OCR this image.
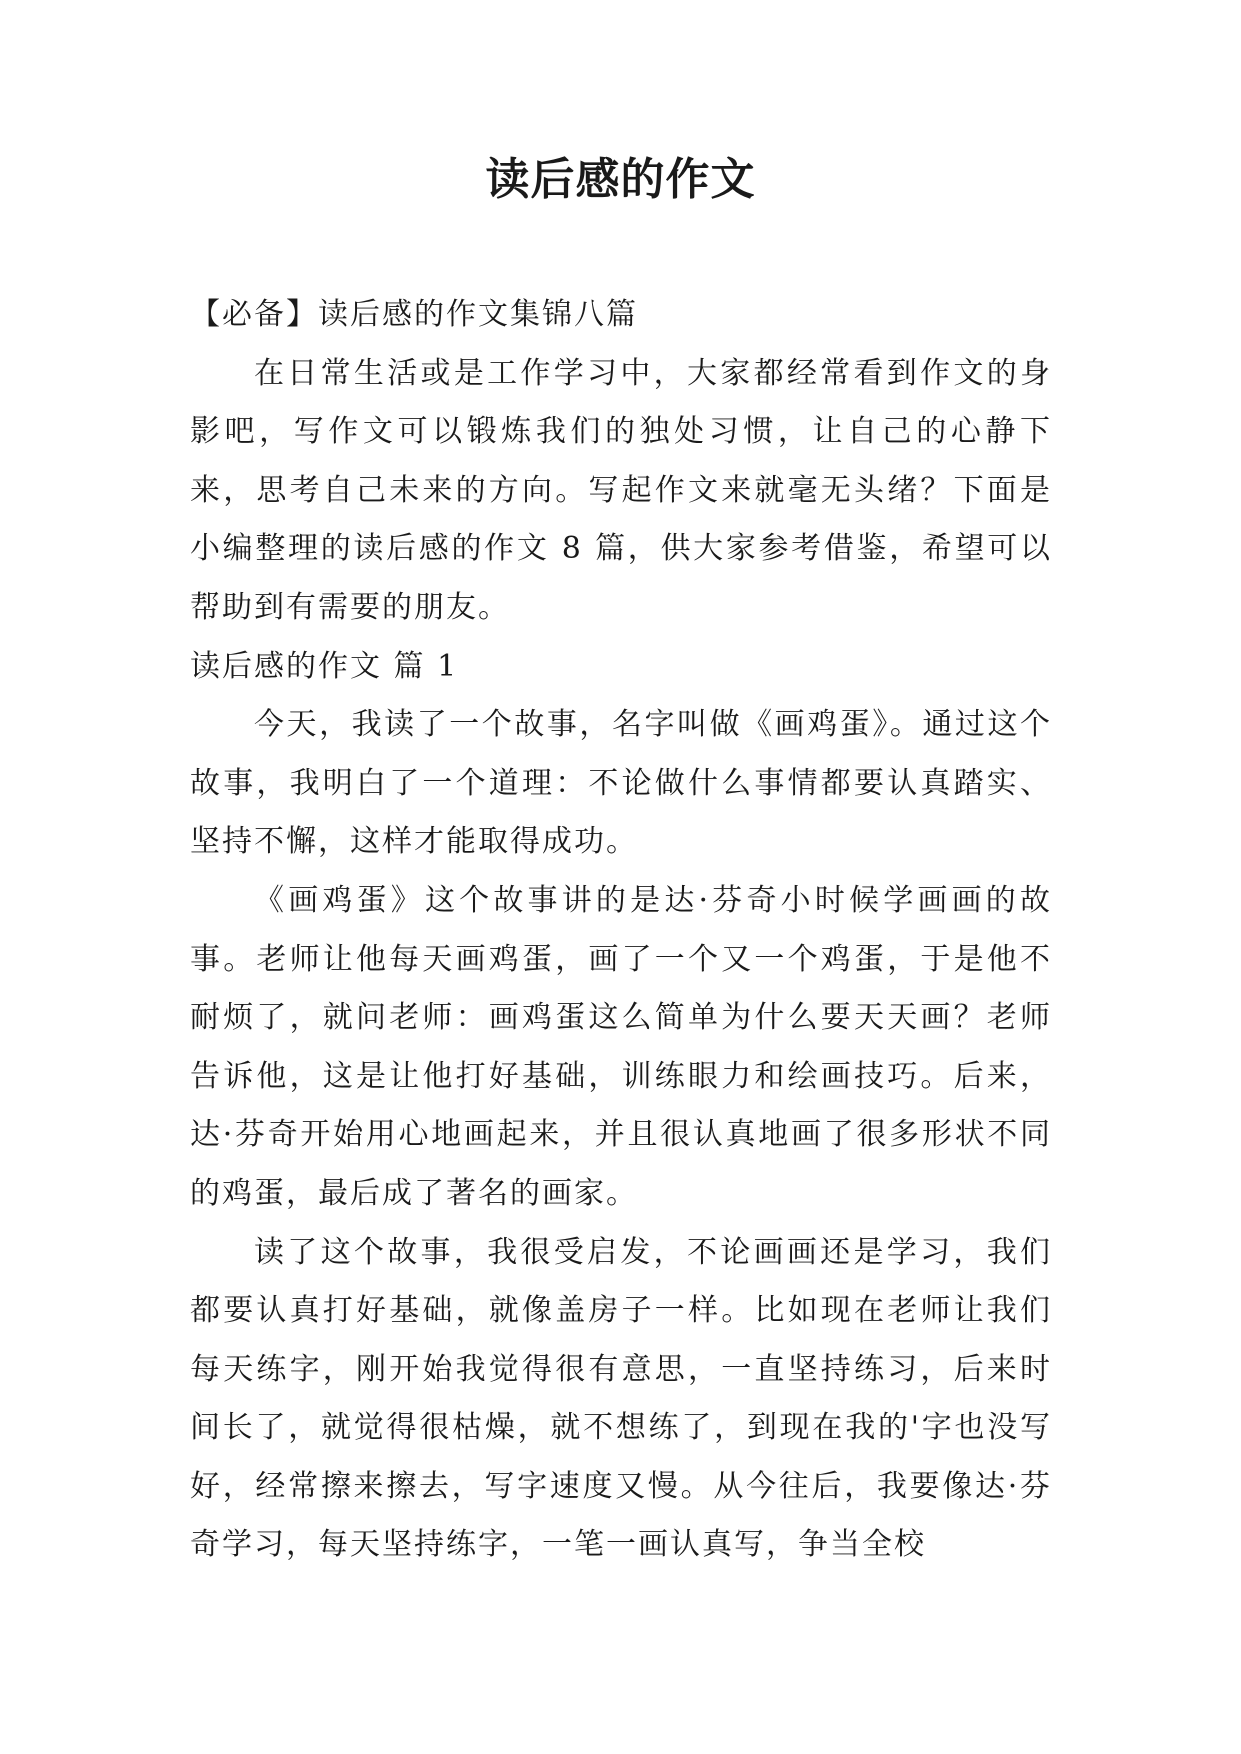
读后感的作文

【必备】读后感的作文集锦八篇

在日常生活或是工作学习中，大家都经常看到作文的身影吧，写作文可以锻炼我们的独处习惯，让自己的心静下来，思考自己未来的方向。写起作文来就毫无头绪？下面是小编整理的读后感的作文 8 篇，供大家参考借鉴，希望可以帮助到有需要的朋友。

读后感的作文 篇 1

今天，我读了一个故事，名字叫做《画鸡蛋》。通过这个故事，我明白了一个道理：不论做什么事情都要认真踏实、坚持不懈，这样才能取得成功。

《画鸡蛋》这个故事讲的是达·芬奇小时候学画画的故事。老师让他每天画鸡蛋，画了一个又一个鸡蛋，于是他不耐烦了，就问老师：画鸡蛋这么简单为什么要天天画？老师告诉他，这是让他打好基础，训练眼力和绘画技巧。后来，达·芬奇开始用心地画起来，并且很认真地画了很多形状不同的鸡蛋，最后成了著名的画家。

读了这个故事，我很受启发，不论画画还是学习，我们都要认真打好基础，就像盖房子一样。比如现在老师让我们每天练字，刚开始我觉得很有意思，一直坚持练习，后来时间长了，就觉得很枯燥，就不想练了，到现在我的'字也没写好，经常擦来擦去，写字速度又慢。从今往后，我要像达·芬奇学习，每天坚持练字，一笔一画认真写，争当全校
